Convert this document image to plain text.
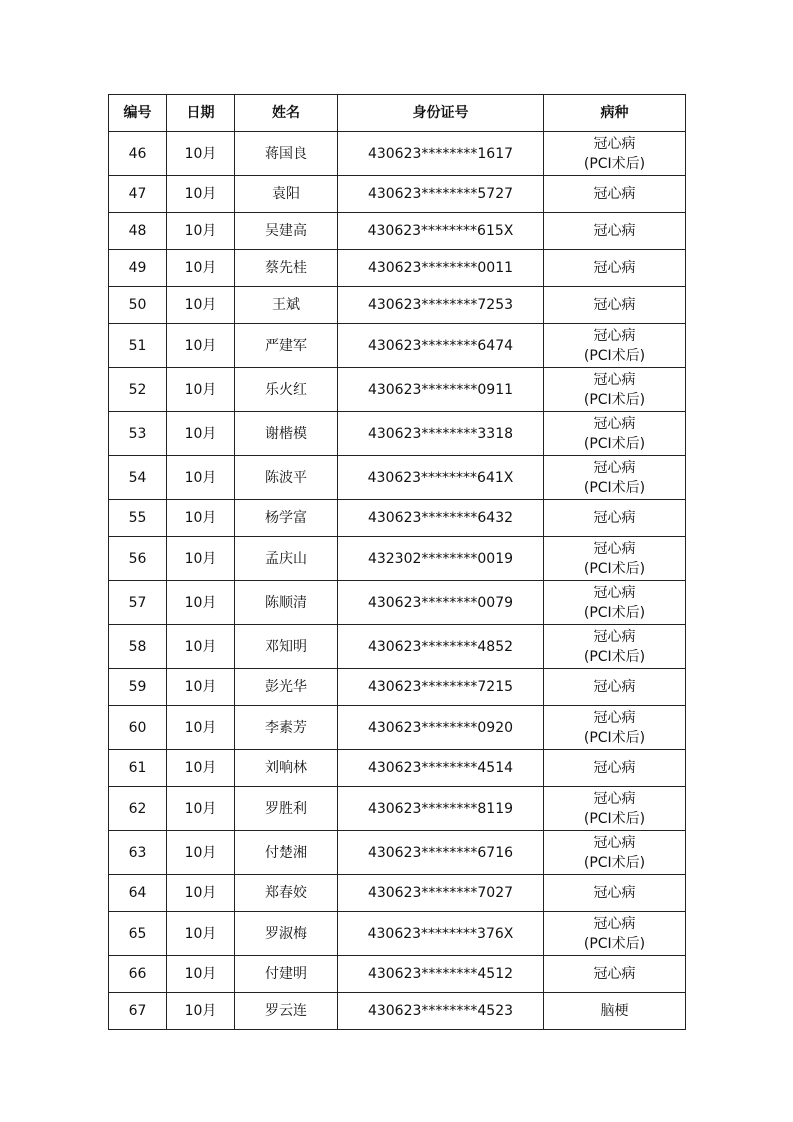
编号	日期	姓名	身份证号	病种
46	10月	蒋国良	430623********1617	冠心病
(PCI术后)

47	10月	袁阳	430623********5727	冠心病
48	10月	吴建高	430623********615X	冠心病
49	10月	蔡先桂	430623********0011	冠心病
50	10月	王斌	430623********7253	冠心病
51	10月	严建军	430623********6474	冠心病
(PCI术后)

52	10月	乐火红	430623********0911	冠心病
(PCI术后)

53	10月	谢楷模	430623********3318	冠心病
(PCI术后)

54	10月	陈波平	430623********641X	冠心病
(PCI术后)

55	10月	杨学富	430623********6432	冠心病
56	10月	孟庆山	432302********0019	冠心病
(PCI术后)

57	10月	陈顺清	430623********0079	冠心病
(PCI术后)

58	10月	邓知明	430623********4852	冠心病
(PCI术后)

59	10月	彭光华	430623********7215	冠心病
60	10月	李素芳	430623********0920	冠心病
(PCI术后)

61	10月	刘响林	430623********4514	冠心病
62	10月	罗胜利	430623********8119	冠心病
(PCI术后)

63	10月	付楚湘	430623********6716	冠心病
(PCI术后)

64	10月	郑春姣	430623********7027	冠心病
65	10月	罗淑梅	430623********376X	冠心病
(PCI术后)

66	10月	付建明	430623********4512	冠心病
67	10月	罗云连	430623********4523	脑梗
